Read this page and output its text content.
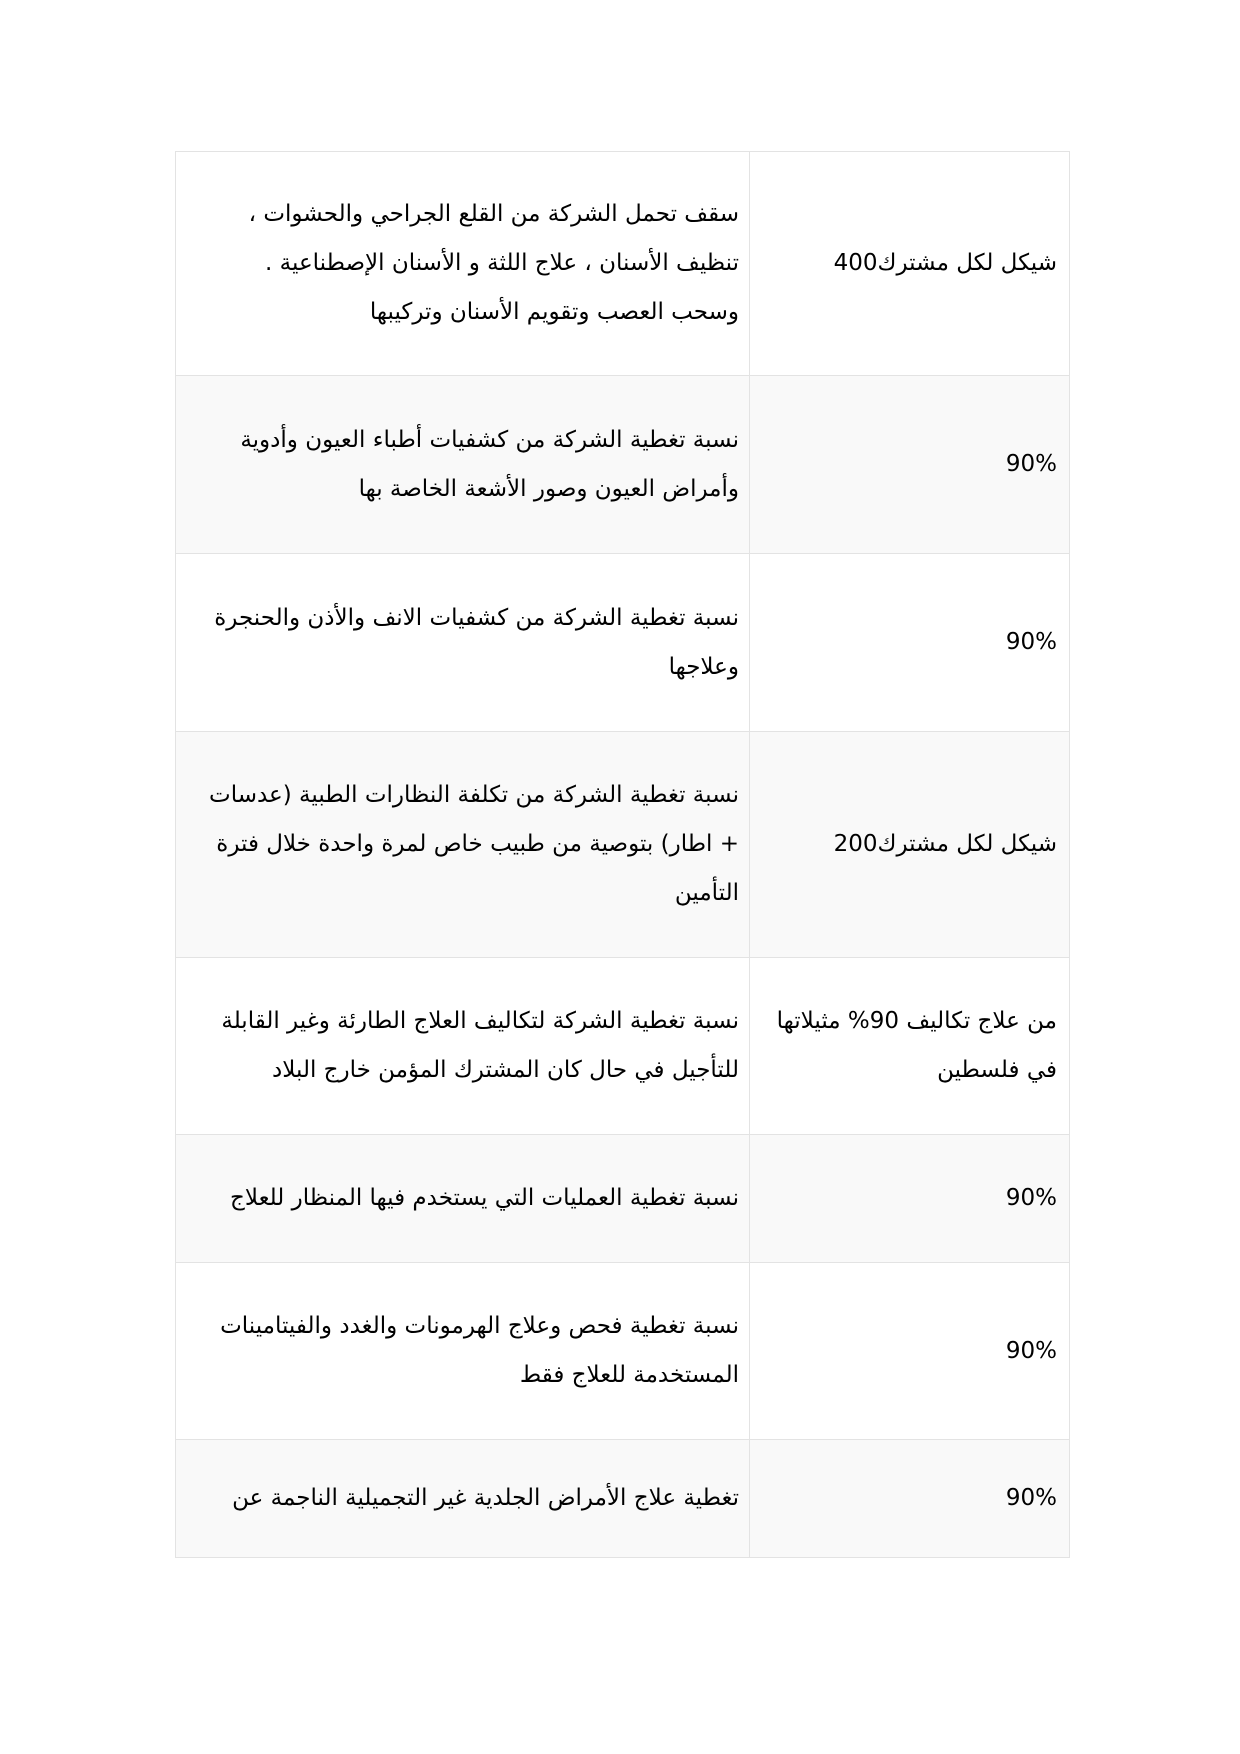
سقف تحمل الشركة من القلع الجراحي والحشوات ، تنظيف الأسنان ، علاج اللثة و الأسنان الإصطناعية . وسحب العصب وتقويم الأسنان وتركيبها	شيكل لكل مشترك400

نسبة تغطية الشركة من كشفيات أطباء العيون وأدوية وأمراض العيون وصور الأشعة الخاصة بها	90%

نسبة تغطية الشركة من كشفيات الانف والأذن والحنجرة وعلاجها	90%

نسبة تغطية الشركة من تكلفة النظارات الطبية (عدسات + اطار) بتوصية من طبيب خاص لمرة واحدة خلال فترة التأمين	شيكل لكل مشترك200

نسبة تغطية الشركة لتكاليف العلاج الطارئة وغير القابلة للتأجيل في حال كان المشترك المؤمن خارج البلاد	من علاج تكاليف 90% مثيلاتها في فلسطين

نسبة تغطية العمليات التي يستخدم فيها المنظار للعلاج	90%

نسبة تغطية فحص وعلاج الهرمونات والغدد والفيتامينات المستخدمة للعلاج فقط	90%

تغطية علاج الأمراض الجلدية غير التجميلية الناجمة عن	90%
